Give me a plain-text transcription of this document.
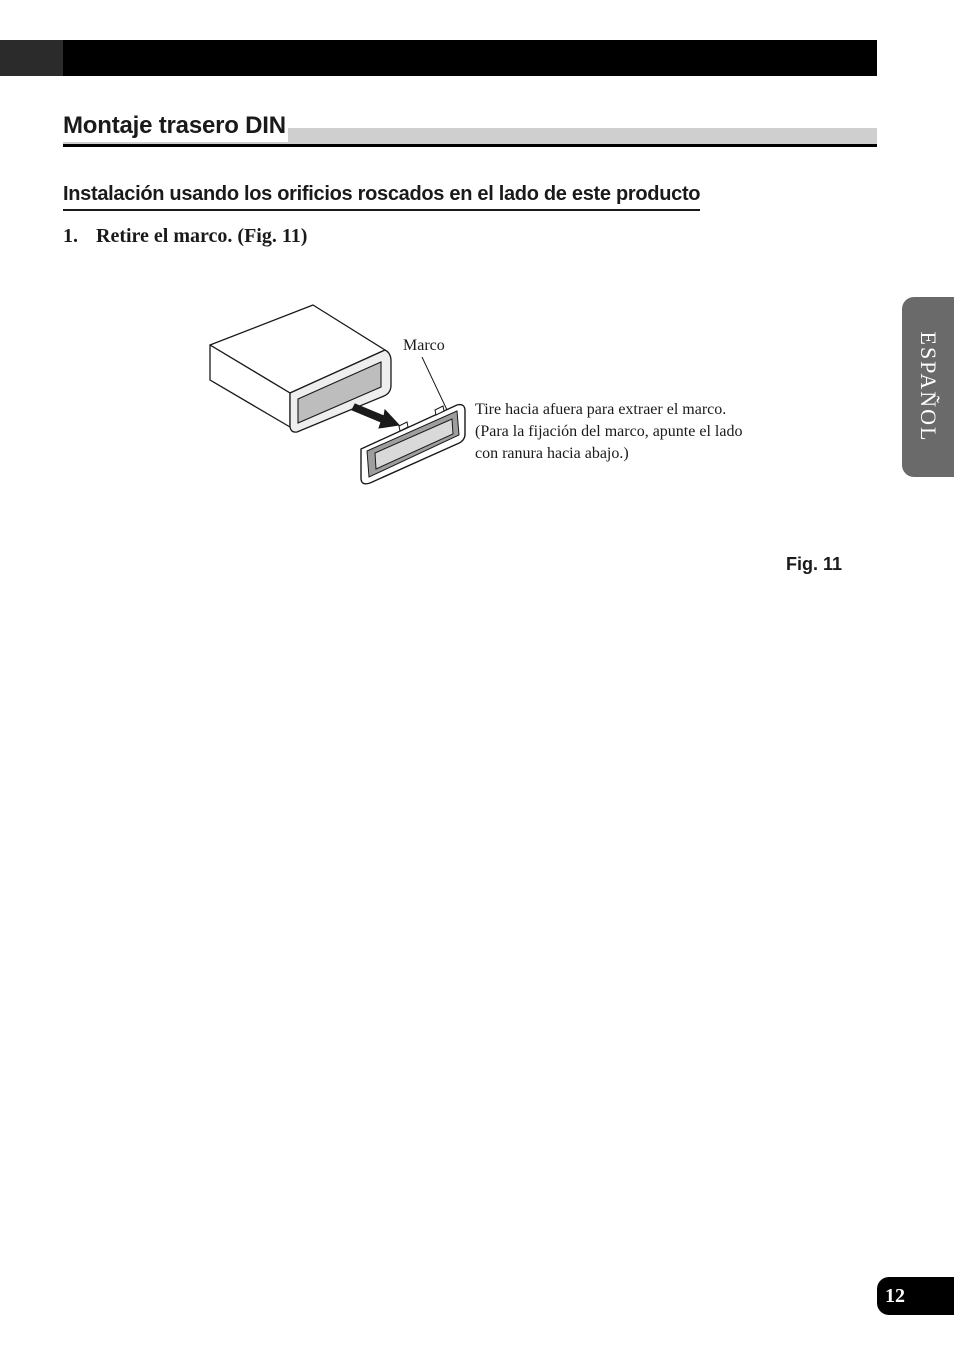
Montaje trasero DIN
Instalación usando los orificios roscados en el lado de este producto

1. Retire el marco. (Fig. 11)

Marco
Tire hacia afuera para extraer el marco.
(Para la fijación del marco, apunte el lado
con ranura hacia abajo.)
Fig. 11
ESPAÑOL
12
